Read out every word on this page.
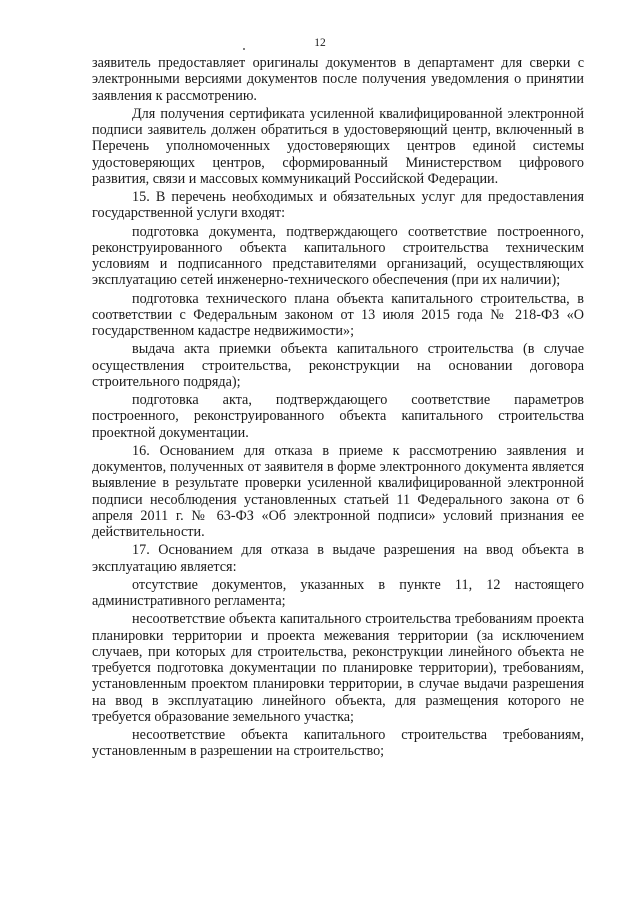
12

заявитель предоставляет оригиналы документов в департамент для сверки с электронными версиями документов после получения уведомления о принятии заявления к рассмотрению.

Для получения сертификата усиленной квалифицированной электронной подписи заявитель должен обратиться в удостоверяющий центр, включенный в Перечень уполномоченных удостоверяющих центров единой системы удостоверяющих центров, сформированный Министерством цифрового развития, связи и массовых коммуникаций Российской Федерации.

15. В перечень необходимых и обязательных услуг для предоставления государственной услуги входят:

подготовка документа, подтверждающего соответствие построенного, реконструированного объекта капитального строительства техническим условиям и подписанного представителями организаций, осуществляющих эксплуатацию сетей инженерно-технического обеспечения (при их наличии);

подготовка технического плана объекта капитального строительства, в соответствии с Федеральным законом от 13 июля 2015 года № 218-ФЗ «О государственном кадастре недвижимости»;

выдача акта приемки объекта капитального строительства (в случае осуществления строительства, реконструкции на основании договора строительного подряда);

подготовка акта, подтверждающего соответствие параметров построенного, реконструированного объекта капитального строительства проектной документации.

16. Основанием для отказа в приеме к рассмотрению заявления и документов, полученных от заявителя в форме электронного документа является выявление в результате проверки усиленной квалифицированной электронной подписи несоблюдения установленных статьей 11 Федерального закона от 6 апреля 2011 г. № 63-ФЗ «Об электронной подписи» условий признания ее действительности.

17. Основанием для отказа в выдаче разрешения на ввод объекта в эксплуатацию является:

отсутствие документов, указанных в пункте 11, 12 настоящего административного регламента;

несоответствие объекта капитального строительства требованиям проекта планировки территории и проекта межевания территории (за исключением случаев, при которых для строительства, реконструкции линейного объекта не требуется подготовка документации по планировке территории), требованиям, установленным проектом планировки территории, в случае выдачи разрешения на ввод в эксплуатацию линейного объекта, для размещения которого не требуется образование земельного участка;

несоответствие объекта капитального строительства требованиям, установленным в разрешении на строительство;
